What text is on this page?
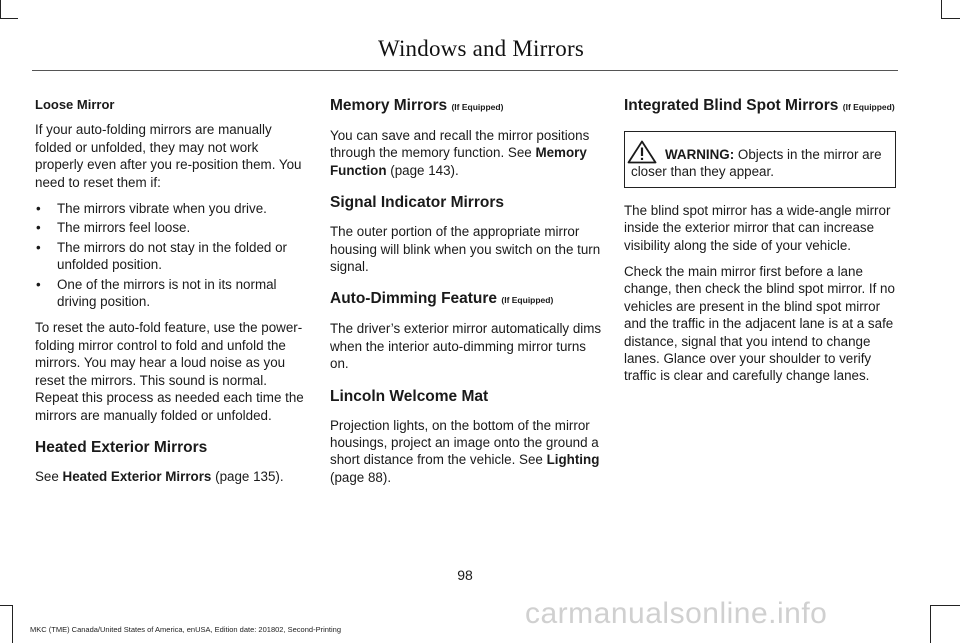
Windows and Mirrors

Loose Mirror

If your auto-folding mirrors are manually folded or unfolded, they may not work properly even after you re-position them. You need to reset them if:

• The mirrors vibrate when you drive.
• The mirrors feel loose.
• The mirrors do not stay in the folded or unfolded position.
• One of the mirrors is not in its normal driving position.

To reset the auto-fold feature, use the power-folding mirror control to fold and unfold the mirrors. You may hear a loud noise as you reset the mirrors. This sound is normal. Repeat this process as needed each time the mirrors are manually folded or unfolded.

Heated Exterior Mirrors

See Heated Exterior Mirrors (page 135).

Memory Mirrors (If Equipped)

You can save and recall the mirror positions through the memory function. See Memory Function (page 143).

Signal Indicator Mirrors

The outer portion of the appropriate mirror housing will blink when you switch on the turn signal.

Auto-Dimming Feature (If Equipped)

The driver’s exterior mirror automatically dims when the interior auto-dimming mirror turns on.

Lincoln Welcome Mat

Projection lights, on the bottom of the mirror housings, project an image onto the ground a short distance from the vehicle. See Lighting (page 88).

Integrated Blind Spot Mirrors (If Equipped)
WARNING: Objects in the mirror are closer than they appear.

The blind spot mirror has a wide-angle mirror inside the exterior mirror that can increase visibility along the side of your vehicle.

Check the main mirror first before a lane change, then check the blind spot mirror. If no vehicles are present in the blind spot mirror and the traffic in the adjacent lane is at a safe distance, signal that you intend to change lanes. Glance over your shoulder to verify traffic is clear and carefully change lanes.

98
carmanualsonline.info
MKC (TME) Canada/United States of America, enUSA, Edition date: 201802, Second-Printing
